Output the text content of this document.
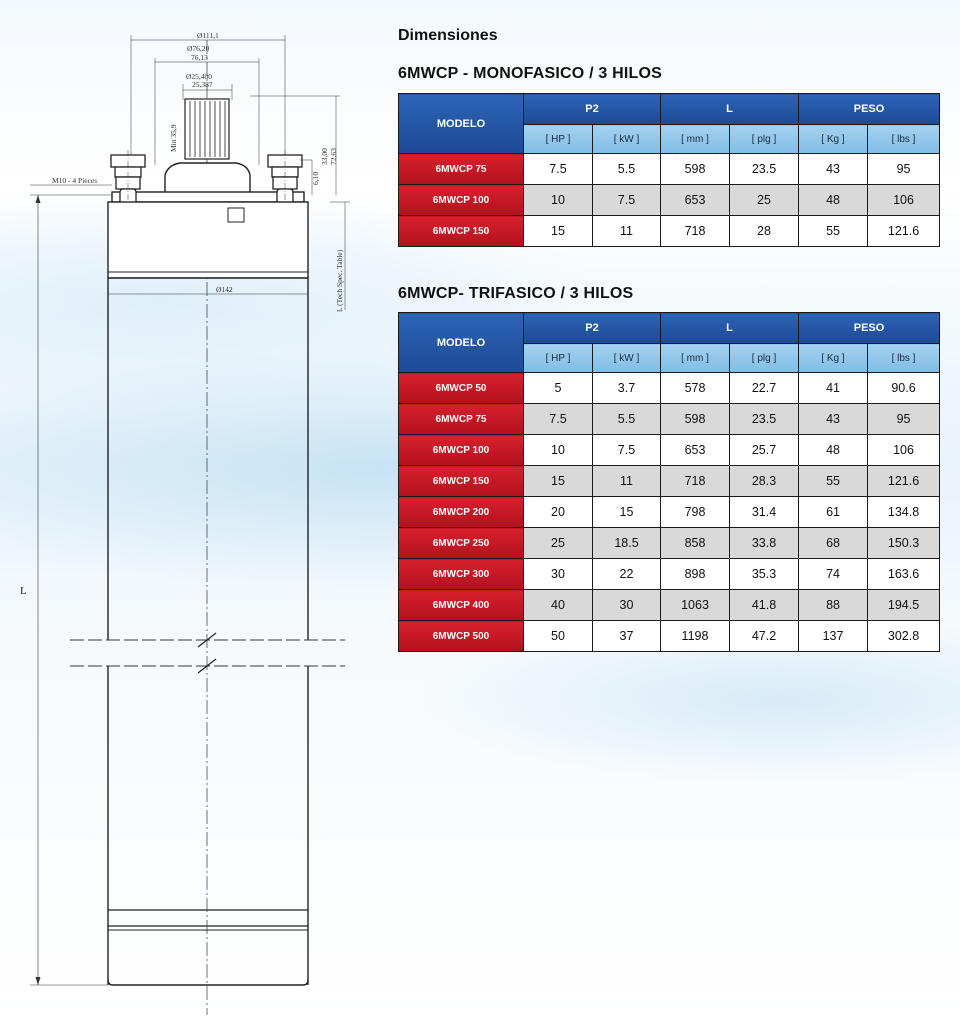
Ø111,1
Ø76,20
76,13
Ø25,400
25,387
Min 35,9
6,10
33,00 72,63
M10 - 4 Pieces
Ø142	L (Tech Spec. Table)
L
Dimensiones
6MWCP - MONOFASICO / 3 HILOS
MODELO	P2		L		PESO	
	[ HP ]	[ kW ]	[ mm ]	[ plg ]	[ Kg ]	[ lbs ]
6MWCP 75	7.5	5.5	598	23.5	43	95
6MWCP 100	10	7.5	653	25	48	106
6MWCP 150	15	11	718	28	55	121.6
6MWCP- TRIFASICO / 3 HILOS
MODELO	P2		L		PESO	
	[ HP ]	[ kW ]	[ mm ]	[ plg ]	[ Kg ]	[ lbs ]
6MWCP 50	5	3.7	578	22.7	41	90.6
6MWCP 75	7.5	5.5	598	23.5	43	95
6MWCP 100	10	7.5	653	25.7	48	106
6MWCP 150	15	11	718	28.3	55	121.6
6MWCP 200	20	15	798	31.4	61	134.8
6MWCP 250	25	18.5	858	33.8	68	150.3
6MWCP 300	30	22	898	35.3	74	163.6
6MWCP 400	40	30	1063	41.8	88	194.5
6MWCP 500	50	37	1198	47.2	137	302.8
